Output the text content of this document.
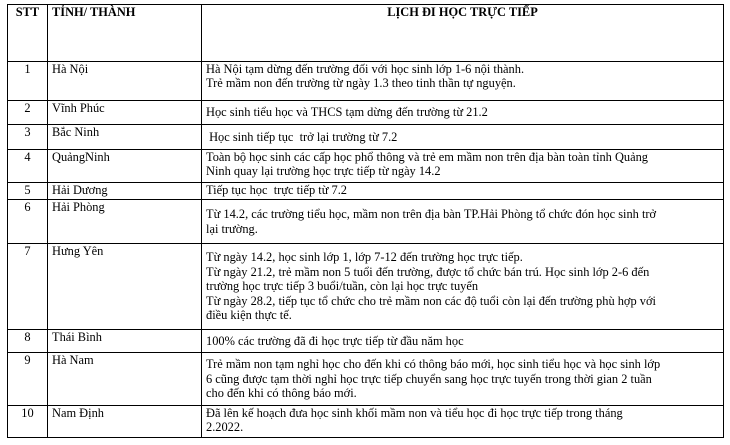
STT	TỈNH/ THÀNH	LỊCH ĐI HỌC TRỰC TIẾP
1	Hà Nội	Hà Nội tạm dừng đến trường đối với học sinh lớp 1-6 nội thành.
Trẻ mầm non đến trường từ ngày 1.3 theo tinh thần tự nguyện.

2	Vĩnh Phúc	Học sinh tiểu học và THCS tạm dừng đến trường từ 21.2

3	Bắc Ninh	Học sinh tiếp tục  trở lại trường từ 7.2

4	QuảngNinh	Toàn bộ học sinh các cấp học phổ thông và trẻ em mầm non trên địa bàn toàn tỉnh Quảng
Ninh quay lại trường học trực tiếp từ ngày 14.2

5	Hải Dương	Tiếp tục học  trực tiếp từ 7.2

6	Hải Phòng	Từ 14.2, các trường tiểu học, mầm non trên địa bàn TP.Hải Phòng tổ chức đón học sinh trở
lại trường.

7	Hưng Yên	Từ ngày 14.2, học sinh lớp 1, lớp 7-12 đến trường học trực tiếp.
Từ ngày 21.2, trẻ mầm non 5 tuổi đến trường, được tổ chức bán trú. Học sinh lớp 2-6 đến
trường học trực tiếp 3 buổi/tuần, còn lại học trực tuyến
Từ ngày 28.2, tiếp tục tổ chức cho trẻ mầm non các độ tuổi còn lại đến trường phù hợp với
điều kiện thực tế.

8	Thái Bình	100% các trường đã đi học trực tiếp từ đầu năm học

9	Hà Nam	Trẻ mầm non tạm nghỉ học cho đến khi có thông báo mới, học sinh tiểu học và học sinh lớp
6 cũng được tạm thời nghỉ học trực tiếp chuyển sang học trực tuyến trong thời gian 2 tuần
cho đến khi có thông báo mới.

10	Nam Định	Đã lên kế hoạch đưa học sinh khối mầm non và tiểu học đi học trực tiếp trong tháng
2.2022.
